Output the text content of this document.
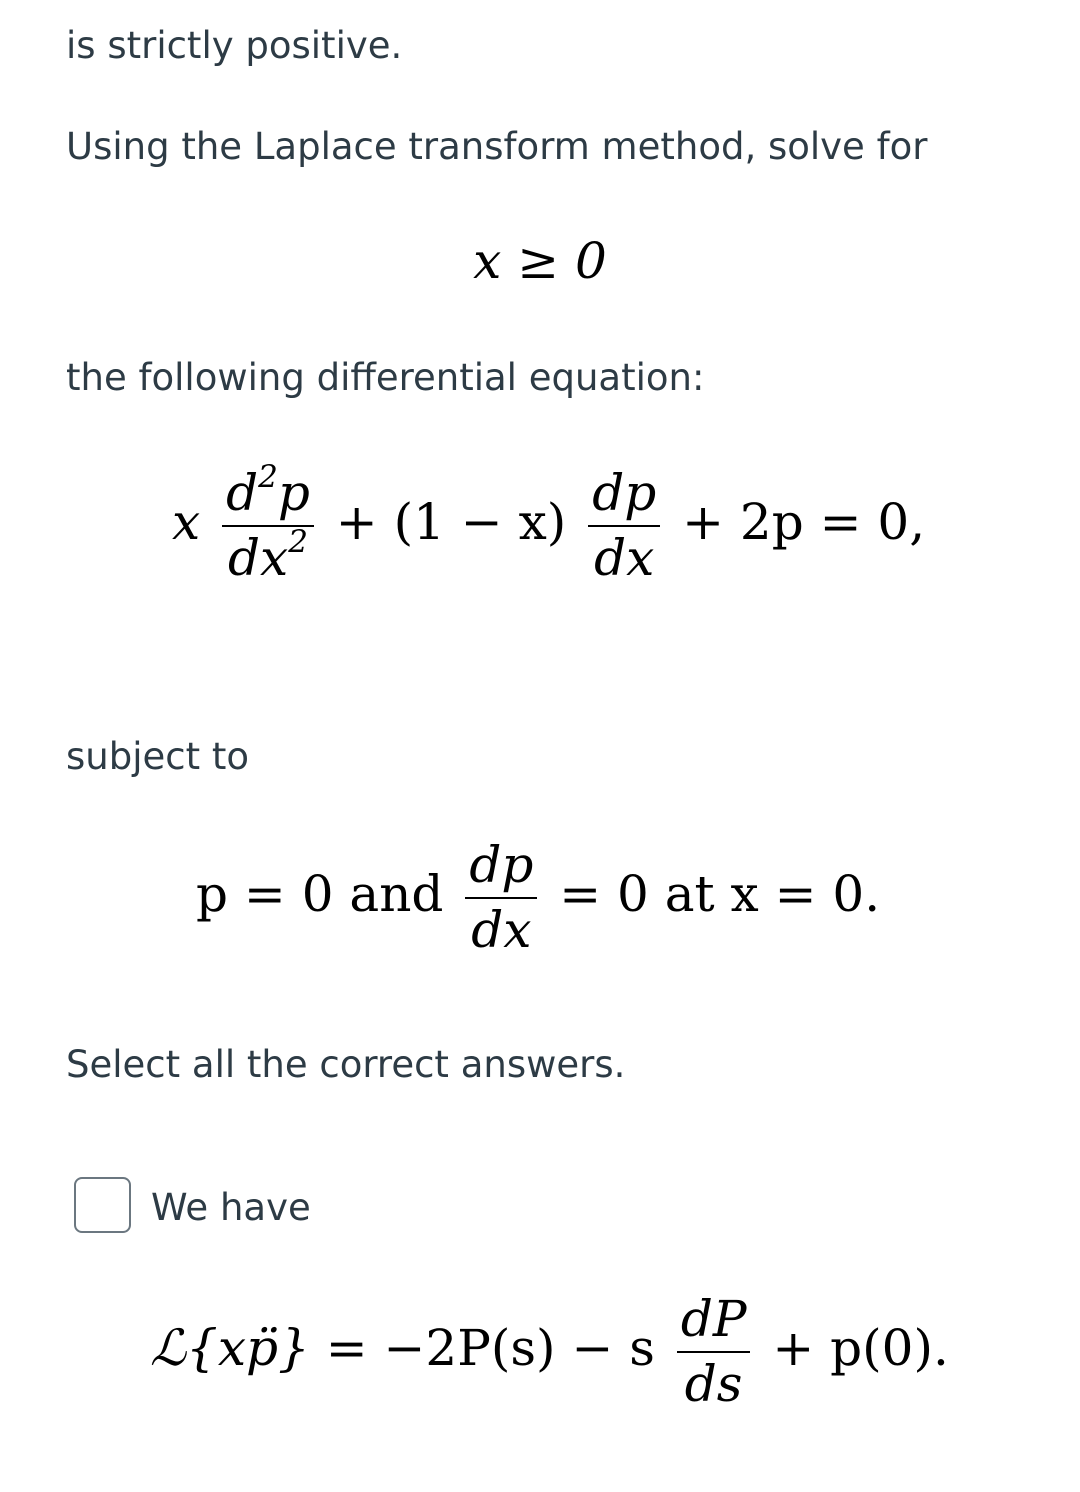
is strictly positive.
Using the Laplace transform method, solve for
x ≥ 0
the following differential equation:
x $\frac{d^2p}{dx^2} + (1 - x) \frac{dp}{dx} + 2p = 0$,
subject to
p = 0 and $\frac{dp}{dx} = 0$ at x = 0.
Select all the correct answers.
We have
ℒ{xp̈} = −2P(s) − s $\frac{dP}{ds} + p(0)$.
